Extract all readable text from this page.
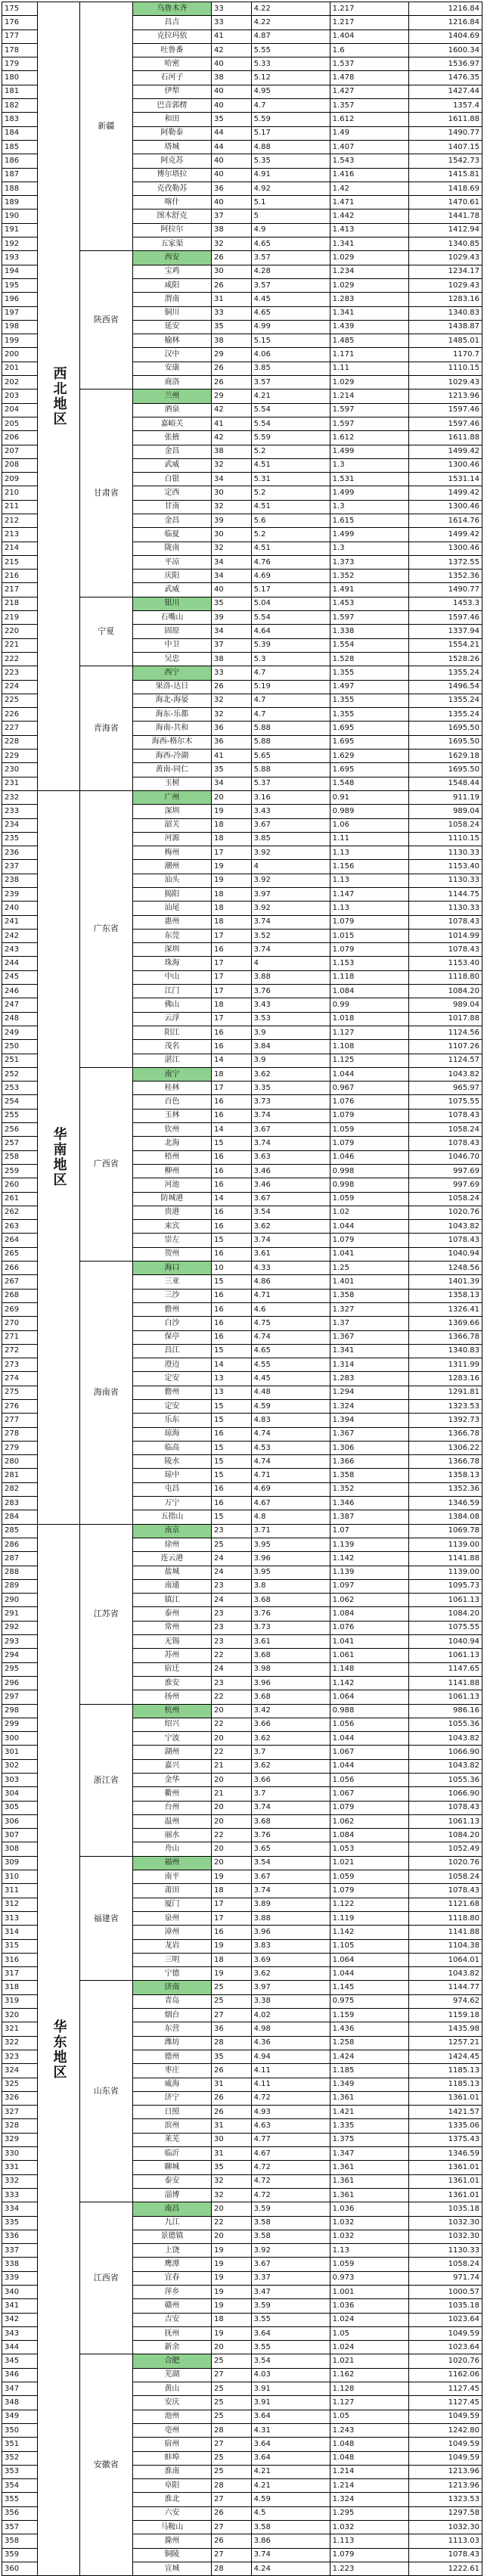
175	西北地区	新疆	乌鲁木齐	33	4.22	1.217	1216.84
176			昌吉	33	4.22	1.217	1216.84
177			克拉玛依	41	4.87	1.404	1404.69
178			吐鲁番	42	5.55	1.6	1600.34
179			哈密	40	5.33	1.537	1536.97
180			石河子	38	5.12	1.478	1476.35
181			伊犁	40	4.95	1.427	1427.44
182			巴音郭楞	40	4.7	1.357	1357.4
183			和田	35	5.59	1.612	1611.88
184			阿勒泰	44	5.17	1.49	1490.77
185			塔城	44	4.88	1.407	1407.15
186			阿克苏	40	5.35	1.543	1542.73
187			博尔塔拉	40	4.91	1.416	1415.81
188			克孜勒苏	36	4.92	1.42	1418.69
189			喀什	40	5.1	1.471	1470.61
190			图木舒克	37	5	1.442	1441.78
191			阿拉尔	38	4.9	1.413	1412.94
192			五家渠	32	4.65	1.341	1340.85
193		陕西省	西安	26	3.57	1.029	1029.43
194			宝鸡	30	4.28	1.234	1234.17
195			咸阳	26	3.57	1.029	1029.43
196			渭南	31	4.45	1.283	1283.16
197			铜川	33	4.65	1.341	1340.83
198			延安	35	4.99	1.439	1438.87
199			榆林	38	5.15	1.485	1485.01
200			汉中	29	4.06	1.171	1170.7
201			安康	26	3.85	1.11	1110.15
202			商洛	26	3.57	1.029	1029.43
203		甘肃省	兰州	29	4.21	1.214	1213.96
204			酒泉	42	5.54	1.597	1597.46
205			嘉峪关	41	5.54	1.597	1597.46
206			张掖	42	5.59	1.612	1611.88
207			金昌	38	5.2	1.499	1499.42
208			武威	32	4.51	1.3	1300.46
209			白银	34	5.31	1.531	1531.14
210			定西	30	5.2	1.499	1499.42
211			甘南	32	4.51	1.3	1300.46
212			金昌	39	5.6	1.615	1614.76
213			临夏	30	5.2	1.499	1499.42
214			陇南	32	4.51	1.3	1300.46
215			平凉	34	4.76	1.373	1372.55
216			庆阳	34	4.69	1.352	1352.36
217			武威	40	5.17	1.491	1490.77
218		宁夏	银川	35	5.04	1.453	1453.3
219			石嘴山	39	5.54	1.597	1597.46
220			固原	34	4.64	1.338	1337.94
221			中卫	37	5.39	1.554	1554.21
222			吴忠	38	5.3	1.528	1528.26
223		青海省	西宁	33	4.7	1.355	1355.24
224			果洛-达日	26	5.19	1.497	1496.54
225			海北-海晏	32	4.7	1.355	1355.24
226			海东-乐都	32	4.7	1.355	1355.24
227			海南-共和	36	5.88	1.695	1695.50
228			海西-格尔木	36	5.88	1.695	1695.50
229			海西-冷湖	41	5.65	1.629	1629.18
230			黄南-同仁	35	5.88	1.695	1695.50
231			玉树	34	5.37	1.548	1548.44
232	华南地区	广东省	广州	20	3.16	0.91	911.19
233			深圳	19	3.43	0.989	989.04
234			韶关	18	3.67	1.06	1058.24
235			河源	18	3.85	1.11	1110.15
236			梅州	17	3.92	1.13	1130.33
237			潮州	19	4	1.156	1153.40
238			汕头	19	3.92	1.13	1130.33
239			揭阳	18	3.97	1.147	1144.75
240			汕尾	18	3.92	1.13	1130.33
241			惠州	18	3.74	1.079	1078.43
242			东莞	17	3.52	1.015	1014.99
243			深圳	16	3.74	1.079	1078.43
244			珠海	17	4	1.153	1153.40
245			中山	17	3.88	1.118	1118.80
246			江门	17	3.76	1.084	1084.20
247			佛山	18	3.43	0.99	989.04
248			云浮	17	3.53	1.018	1017.88
249			阳江	16	3.9	1.127	1124.56
250			茂名	16	3.84	1.108	1107.26
251			湛江	14	3.9	1.125	1124.57
252		广西省	南宁	18	3.62	1.044	1043.82
253			桂林	17	3.35	0.967	965.97
254			百色	16	3.73	1.076	1075.55
255			玉林	16	3.74	1.079	1078.43
256			钦州	14	3.67	1.059	1058.24
257			北海	15	3.74	1.079	1078.43
258			梧州	16	3.63	1.046	1046.70
259			柳州	16	3.46	0.998	997.69
260			河池	16	3.46	0.998	997.69
261			防城港	14	3.67	1.059	1058.24
262			贵港	16	3.54	1.02	1020.76
263			来宾	16	3.62	1.044	1043.82
264			崇左	15	3.74	1.079	1078.43
265			贺州	16	3.61	1.041	1040.94
266		海南省	海口	10	4.33	1.25	1248.56
267			三亚	15	4.86	1.401	1401.39
268			三沙	16	4.71	1.358	1358.13
269			儋州	16	4.6	1.327	1326.41
270			白沙	16	4.75	1.37	1369.66
271			保亭	16	4.74	1.367	1366.78
272			昌江	15	4.65	1.341	1340.83
273			澄迈	14	4.55	1.314	1311.99
274			定安	13	4.45	1.283	1283.16
275			儋州	13	4.48	1.294	1291.81
276			定安	15	4.59	1.324	1323.53
277			乐东	15	4.83	1.394	1392.73
278			琼海	16	4.74	1.367	1366.78
279			临高	15	4.53	1.306	1306.22
280			陵水	15	4.74	1.366	1366.78
281			琼中	15	4.71	1.358	1358.13
282			屯昌	16	4.69	1.352	1352.36
283			万宁	16	4.67	1.346	1346.59
284			五指山	15	4.8	1.387	1384.08
285	华东地区	江苏省	南京	23	3.71	1.07	1069.78
286			徐州	25	3.95	1.139	1139.00
287			连云港	24	3.96	1.142	1141.88
288			盐城	24	3.95	1.139	1139.00
289			南通	23	3.8	1.097	1095.73
290			镇江	24	3.68	1.062	1061.13
291			泰州	23	3.76	1.084	1084.20
292			常州	23	3.73	1.076	1075.55
293			无锡	23	3.61	1.041	1040.94
294			苏州	22	3.68	1.061	1061.13
295			宿迁	24	3.98	1.148	1147.65
296			淮安	23	3.96	1.142	1141.88
297			扬州	22	3.68	1.064	1061.13
298		浙江省	杭州	20	3.42	0.988	986.16
299			绍兴	22	3.66	1.056	1055.36
300			宁波	20	3.62	1.044	1043.82
301			湖州	22	3.7	1.067	1066.90
302			嘉兴	21	3.62	1.044	1043.82
303			金华	20	3.66	1.056	1055.36
304			衢州	21	3.7	1.067	1066.90
305			台州	20	3.74	1.079	1078.43
306			温州	20	3.68	1.062	1061.13
307			丽水	22	3.76	1.084	1084.20
308			舟山	20	3.65	1.053	1052.49
309		福建省	福州	20	3.54	1.021	1020.76
310			南平	19	3.67	1.059	1058.24
311			莆田	18	3.74	1.079	1078.43
312			厦门	17	3.89	1.122	1121.68
313			泉州	17	3.88	1.119	1118.80
314			漳州	16	3.96	1.142	1141.88
315			龙岩	19	3.83	1.105	1104.38
316			三明	18	3.69	1.064	1064.01
317			宁德	19	3.62	1.044	1043.82
318		山东省	济南	25	3.97	1.145	1144.77
319			青岛	25	3.38	0.975	974.62
320			烟台	27	4.02	1.159	1159.18
321			东营	36	4.98	1.436	1435.98
322			潍坊	28	4.36	1.258	1257.21
323			德州	35	4.94	1.424	1424.45
324			枣庄	26	4.11	1.185	1185.13
325			威海	31	4.11	1.349	1185.13
326			济宁	26	4.72	1.361	1361.01
327			日照	26	4.93	1.421	1421.57
328			滨州	31	4.63	1.335	1335.06
329			莱芜	30	4.77	1.375	1375.43
330			临沂	31	4.67	1.347	1346.59
331			聊城	35	4.72	1.361	1361.01
332			泰安	32	4.72	1.361	1361.01
333			淄博	32	4.72	1.361	1361.01
334		江西省	南昌	20	3.59	1.036	1035.18
335			九江	22	3.58	1.032	1032.30
336			景德镇	20	3.58	1.032	1032.30
337			上饶	19	3.92	1.13	1130.33
338			鹰潭	19	3.67	1.059	1058.24
339			宜春	19	3.37	0.973	971.74
340			萍乡	19	3.47	1.001	1000.57
341			赣州	19	3.59	1.036	1035.18
342			吉安	18	3.55	1.024	1023.64
343			抚州	19	3.64	1.05	1049.59
344			新余	20	3.55	1.024	1023.64
345		安徽省	合肥	25	3.54	1.021	1020.76
346			芜湖	27	4.03	1.162	1162.06
347			黄山	25	3.91	1.128	1127.45
348			安庆	25	3.91	1.127	1127.45
349			池州	25	3.64	1.05	1049.59
350			亳州	28	4.31	1.243	1242.80
351			宿州	27	3.64	1.048	1049.59
352			蚌埠	25	3.64	1.048	1049.59
353			淮南	25	4.21	1.214	1213.96
354			阜阳	28	4.21	1.214	1213.96
355			淮北	27	4.59	1.324	1323.53
356			六安	26	4.5	1.295	1297.58
357			马鞍山	27	3.58	1.032	1032.30
358			滁州	26	3.86	1.113	1113.03
359			铜陵	27	3.74	1.079	1078.43
360			宣城	28	4.24	1.223	1222.61
